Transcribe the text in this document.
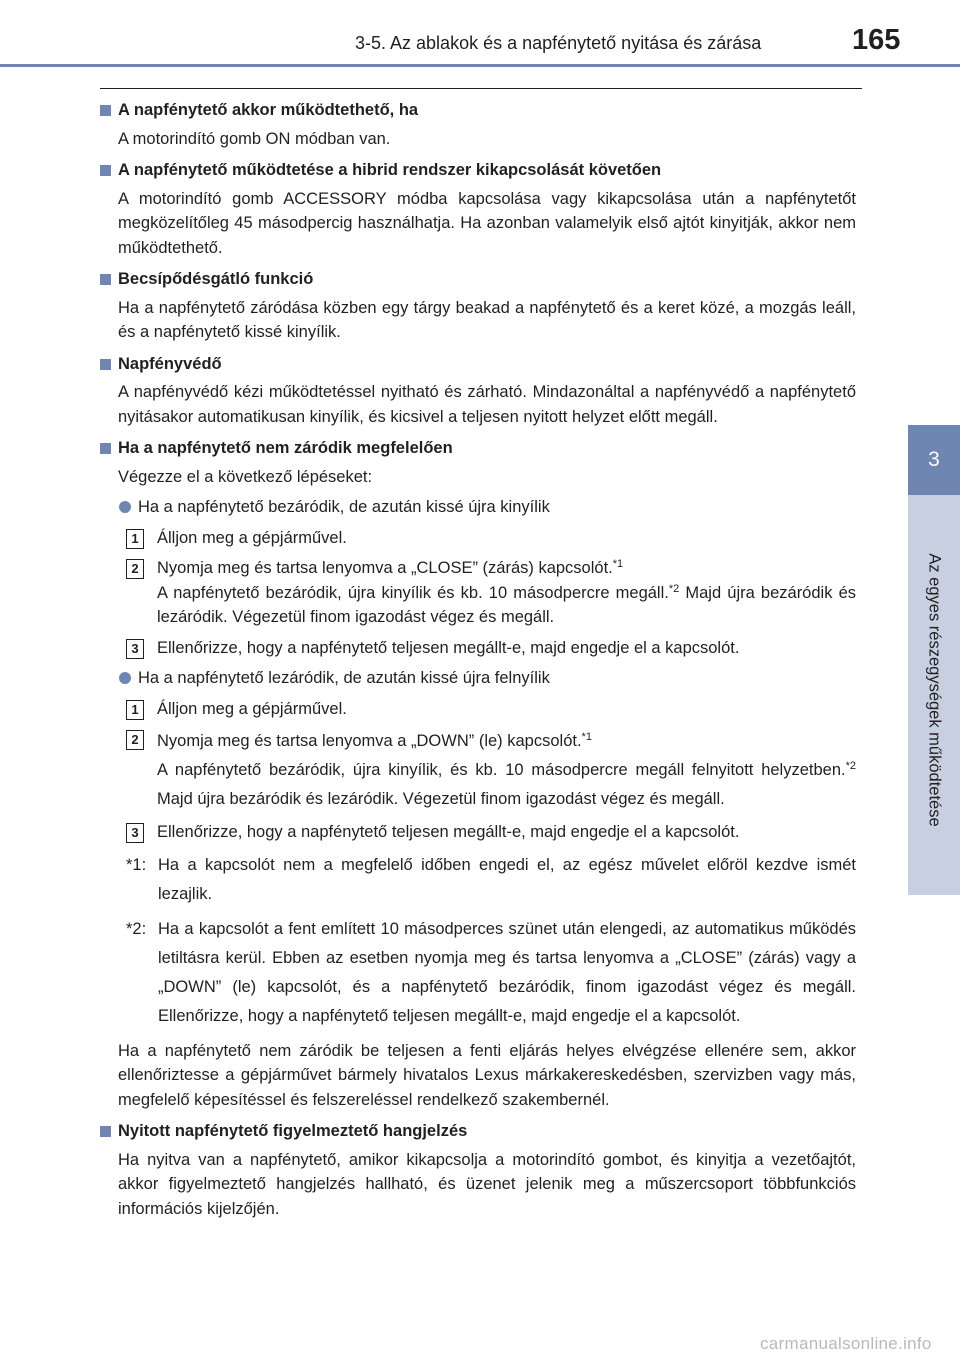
3-5. Az ablakok és a napfénytető nyitása és zárása	165
3
Az egyes részegységek működtetése
A napfénytető akkor működtethető, ha
A motorindító gomb ON módban van.
A napfénytető működtetése a hibrid rendszer kikapcsolását követően
A motorindító gomb ACCESSORY módba kapcsolása vagy kikapcsolása után a napfénytetőt megközelítőleg 45 másodpercig használhatja. Ha azonban valamelyik első ajtót kinyitják, akkor nem működtethető.
Becsípődésgátló funkció
Ha a napfénytető záródása közben egy tárgy beakad a napfénytető és a keret közé, a mozgás leáll, és a napfénytető kissé kinyílik.
Napfényvédő
A napfényvédő kézi működtetéssel nyitható és zárható. Mindazonáltal a napfényvédő a napfénytető nyitásakor automatikusan kinyílik, és kicsivel a teljesen nyitott helyzet előtt megáll.
Ha a napfénytető nem záródik megfelelően
Végezze el a következő lépéseket:
Ha a napfénytető bezáródik, de azután kissé újra kinyílik
1	Álljon meg a gépjárművel.
2	Nyomja meg és tartsa lenyomva a „CLOSE” (zárás) kapcsolót.$^{*1}$
A napfénytető bezáródik, újra kinyílik és kb. 10 másodpercre megáll.$^{*2}$ Majd újra bezáródik és lezáródik. Végezetül finom igazodást végez és megáll.
3	Ellenőrizze, hogy a napfénytető teljesen megállt-e, majd engedje el a kapcsolót.
Ha a napfénytető lezáródik, de azután kissé újra felnyílik
1	Álljon meg a gépjárművel.
2	Nyomja meg és tartsa lenyomva a „DOWN” (le) kapcsolót.$^{*1}$
A napfénytető bezáródik, újra kinyílik, és kb. 10 másodpercre megáll felnyitott helyzetben.$^{*2}$ Majd újra bezáródik és lezáródik. Végezetül finom igazodást végez és megáll.
3	Ellenőrizze, hogy a napfénytető teljesen megállt-e, majd engedje el a kapcsolót.
*1: Ha a kapcsolót nem a megfelelő időben engedi el, az egész művelet előröl kezdve ismét lezajlik.
*2: Ha a kapcsolót a fent említett 10 másodperces szünet után elengedi, az automatikus működés letiltásra kerül. Ebben az esetben nyomja meg és tartsa lenyomva a „CLOSE” (zárás) vagy a „DOWN” (le) kapcsolót, és a napfénytető bezáródik, finom igazodást végez és megáll. Ellenőrizze, hogy a napfénytető teljesen megállt-e, majd engedje el a kapcsolót.
Ha a napfénytető nem záródik be teljesen a fenti eljárás helyes elvégzése ellenére sem, akkor ellenőriztesse a gépjárművet bármely hivatalos Lexus márkakereskedésben, szervizben vagy más, megfelelő képesítéssel és felszereléssel rendelkező szakembernél.
Nyitott napfénytető figyelmeztető hangjelzés
Ha nyitva van a napfénytető, amikor kikapcsolja a motorindító gombot, és kinyitja a vezetőajtót, akkor figyelmeztető hangjelzés hallható, és üzenet jelenik meg a műszercsoport többfunkciós információs kijelzőjén.
carmanualsonline.info
